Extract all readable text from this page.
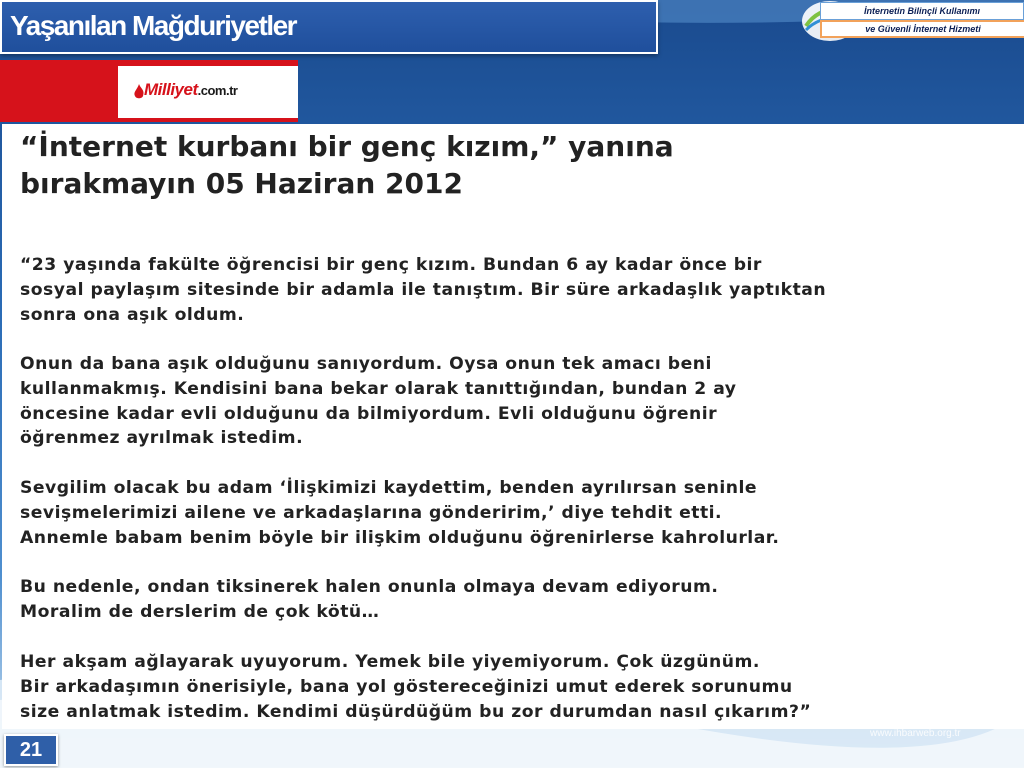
Yaşanılan Mağduriyetler	İnternetin Bilinçli Kullanımı
ve Güvenli İnternet Hizmeti
Milliyet.com.tr
“İnternet kurbanı bir genç kızım,” yanına
bırakmayın 05 Haziran 2012
“23 yaşında fakülte öğrencisi bir genç kızım. Bundan 6 ay kadar önce bir
sosyal paylaşım sitesinde bir adamla ile tanıştım. Bir süre arkadaşlık yaptıktan
sonra ona aşık oldum.
Onun da bana aşık olduğunu sanıyordum. Oysa onun tek amacı beni
kullanmakmış. Kendisini bana bekar olarak tanıttığından, bundan 2 ay
öncesine kadar evli olduğunu da bilmiyordum. Evli olduğunu öğrenir
öğrenmez ayrılmak istedim.
Sevgilim olacak bu adam ‘İlişkimizi kaydettim, benden ayrılırsan seninle
sevişmelerimizi ailene ve arkadaşlarına gönderirim,’ diye tehdit etti.
Annemle babam benim böyle bir ilişkim olduğunu öğrenirlerse kahrolurlar.
Bu nedenle, ondan tiksinerek halen onunla olmaya devam ediyorum.
Moralim de derslerim de çok kötü…
Her akşam ağlayarak uyuyorum. Yemek bile yiyemiyorum. Çok üzgünüm.
Bir arkadaşımın önerisiyle, bana yol göstereceğinizi umut ederek sorunumu
size anlatmak istedim. Kendimi düşürdüğüm bu zor durumdan nasıl çıkarım?”
www.ihbarweb.org.tr
21
